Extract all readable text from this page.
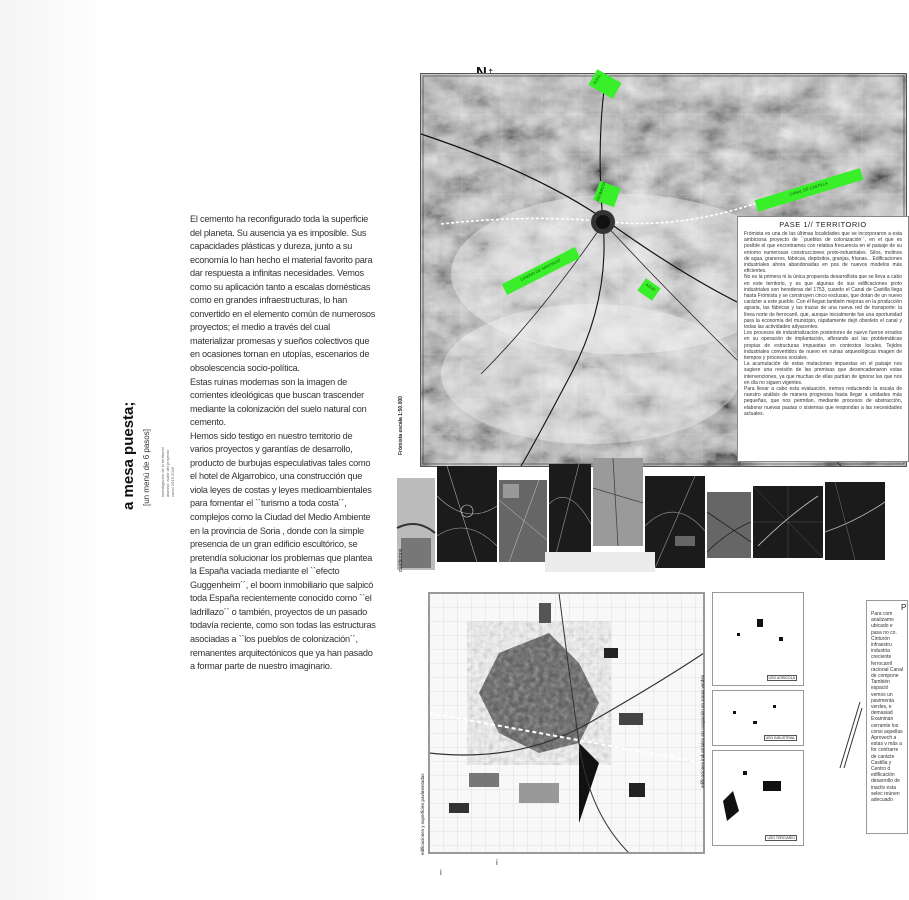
a mesa puesta; [un menú de 6 pasos] investigación de lo territorial alumno: autor del proyecto curso 2019-2020

El cemento ha reconfigurado toda la superficie del planeta. Su ausencia ya es imposible. Sus capacidades plásticas y dureza, junto a su economía lo han hecho el material favorito para dar respuesta a infinitas necesidades. Vemos como su aplicación tanto a escalas domésticas como en grandes infraestructuras, lo han convertido en el elemento común de numerosos proyectos; el medio a través del cual materializar promesas y sueños colectivos que en ocasiones tornan en utopías, escenarios de obsolescencia socio-política.

Estas ruinas modernas son la imagen de corrientes ideológicas que buscan trascender mediante la colonización del suelo natural con cemento.

Hemos sido testigo en nuestro territorio de varios proyectos y garantías de desarrollo, producto de burbujas especulativas tales como el hotel de Algarrobico, una construcción que viola leyes de costas y leyes medioambientales para fomentar el ``turismo a toda costa´´, complejos como la Ciudad del Medio Ambiente en la provincia de Soria , donde con la simple presencia de un gran edificio escultórico, se pretendía solucionar los problemas que plantea la España vaciada mediante el ``efecto Guggenheim´´, el boom inmobiliario que salpicó toda España recientemente conocido como ``el ladrillazo´´ o también, proyectos de un pasado todavía reciente, como son todas las estructuras asociadas a ``los pueblos de colonización´´, remanentes arquitectónicos que ya han pasado a formar parte de nuestro imaginario.

Frómista escala 1:50.000
N-611
FRÓMISTA	CANAL DE CASTILLA
CAMINO DE SANTIAGO
AZUD
PASE 1// TERRITORIO
Frómista es una de las últimas localidades que se incorporaron a esta ambiciosa proyecto de ``pueblos de colonización´´, en el que es posible el que encontramos con relativa frecuencia en el paisaje de su entorno numerosas construcciones proto-industriales. Silos, molinos de agua, graneros, fábricas, depósitos, granjas, fríanas... Edificaciones industriales ahora abandonadas en pos de nuevos modelos más eficientes.
No es la primera ni la única propuesta desarrollista que se lleva a cabo en este territorio, y es que algunas de sus edificaciones proto industriales son herederas del 1753, cuando el Canal de Castilla llega hasta Frómista y se construyen cinco esclusas, que dotan de un nuevo carácter a este pueblo. Con él llegan también mejoras en la producción agraria, las fábricas y las trazas de una nueva red de transporte: la línea norte de ferrocarril, que, aunque inicialmente fue una oportunidad para la economía del municipio, rápidamente dejó obsoleto el canal y todas las actividades adyacentes.
Los procesos de industrialización posteriores de nuevo fueron errados en su operación de implantación, aflorando así las problemáticas propias de estructuras impuestas en contextos locales. Tejidos industriales convertidos de nuevo en ruinas arqueológicas imagen de tiempos y procesos sociales.
La acumulación de estas mutaciones impuestas en el paisaje nos sugiere una revisión de las premisas que desencadenaron estas intervenciones, ya que muchas de ellas partían de ignorar las que nos en día no siguen vigentes.
Para llevar a cabo esta evaluación, iremos reduciendo la escala de nuestro análisis de manera progresiva hasta llegar a unidades más pequeñas, que nos permitan, mediante procesos de abstracción, elaborar nuevas pautas o sistemas que respondan a las necesidades actuales.
cuadernos
edificaciones y superficies pavimentadas
USO AGRÍCOLA
USO INDUSTRIAL
USO TERCIARIO
edificaciones industriales sin ocupación en zonas verdes
P
Para com analizamo ubicado e pasa no co. Cinturón infraestru industria creciente ferrocarril racional Canal de compone También espació vemos un pavimenta verdes, e demasiad Examinan cerramie los consi aquellas Aprovech a estas v más a for contrarre de carácte Castilla y Centro d edificación desarrollo de inactiv esta selec reúnen adecuado
i
i
